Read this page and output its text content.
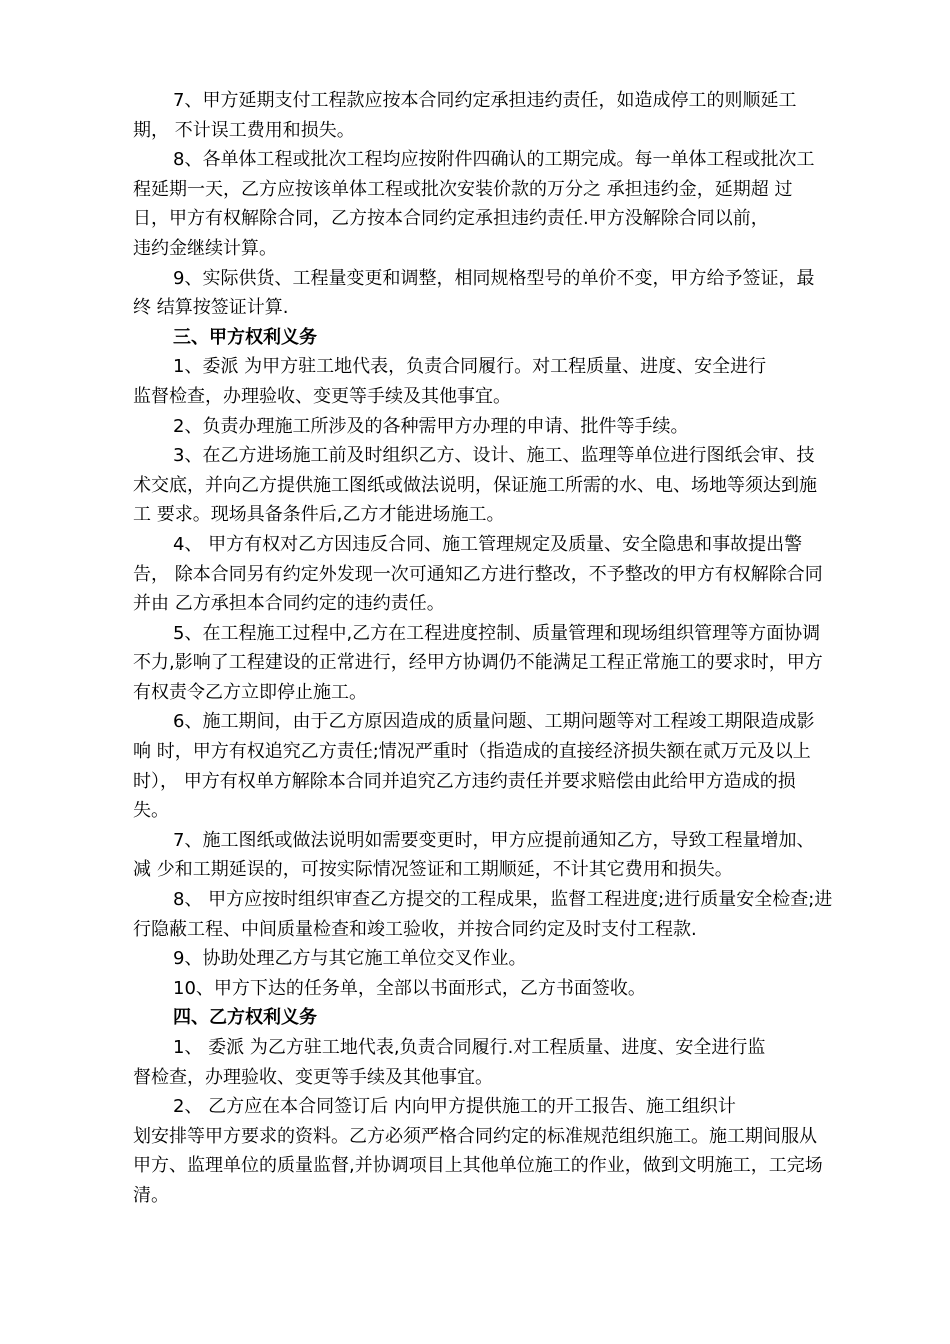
7、甲方延期支付工程款应按本合同约定承担违约责任，如造成停工的则顺延工
期， 不计误工费用和损失。
8、各单体工程或批次工程均应按附件四确认的工期完成。每一单体工程或批次工
程延期一天，乙方应按该单体工程或批次安装价款的万分之 承担违约金，延期超 过
日，甲方有权解除合同，乙方按本合同约定承担违约责任.甲方没解除合同以前，
违约金继续计算。
9、实际供货、工程量变更和调整，相同规格型号的单价不变，甲方给予签证，最
终 结算按签证计算.
三、甲方权利义务
1、委派 为甲方驻工地代表，负责合同履行。对工程质量、进度、安全进行
监督检查，办理验收、变更等手续及其他事宜。
2、负责办理施工所涉及的各种需甲方办理的申请、批件等手续。
3、在乙方进场施工前及时组织乙方、设计、施工、监理等单位进行图纸会审、技
术交底，并向乙方提供施工图纸或做法说明，保证施工所需的水、电、场地等须达到施
工 要求。现场具备条件后,乙方才能进场施工。
4、 甲方有权对乙方因违反合同、施工管理规定及质量、安全隐患和事故提出警
告， 除本合同另有约定外发现一次可通知乙方进行整改，不予整改的甲方有权解除合同
并由 乙方承担本合同约定的违约责任。
5、在工程施工过程中,乙方在工程进度控制、质量管理和现场组织管理等方面协调
不力,影响了工程建设的正常进行，经甲方协调仍不能满足工程正常施工的要求时，甲方
有权责令乙方立即停止施工。
6、施工期间，由于乙方原因造成的质量问题、工期问题等对工程竣工期限造成影
响 时，甲方有权追究乙方责任;情况严重时（指造成的直接经济损失额在贰万元及以上
时）， 甲方有权单方解除本合同并追究乙方违约责任并要求赔偿由此给甲方造成的损
失。
7、施工图纸或做法说明如需要变更时，甲方应提前通知乙方，导致工程量增加、
减 少和工期延误的，可按实际情况签证和工期顺延，不计其它费用和损失。
8、 甲方应按时组织审查乙方提交的工程成果，监督工程进度;进行质量安全检查;进
行隐蔽工程、中间质量检查和竣工验收，并按合同约定及时支付工程款.
9、协助处理乙方与其它施工单位交叉作业。
10、甲方下达的任务单，全部以书面形式，乙方书面签收。
四、乙方权利义务
1、 委派 为乙方驻工地代表,负责合同履行.对工程质量、进度、安全进行监
督检查，办理验收、变更等手续及其他事宜。
2、 乙方应在本合同签订后 内向甲方提供施工的开工报告、施工组织计
划安排等甲方要求的资料。乙方必须严格合同约定的标准规范组织施工。施工期间服从
甲方、监理单位的质量监督,并协调项目上其他单位施工的作业，做到文明施工，工完场
清。
